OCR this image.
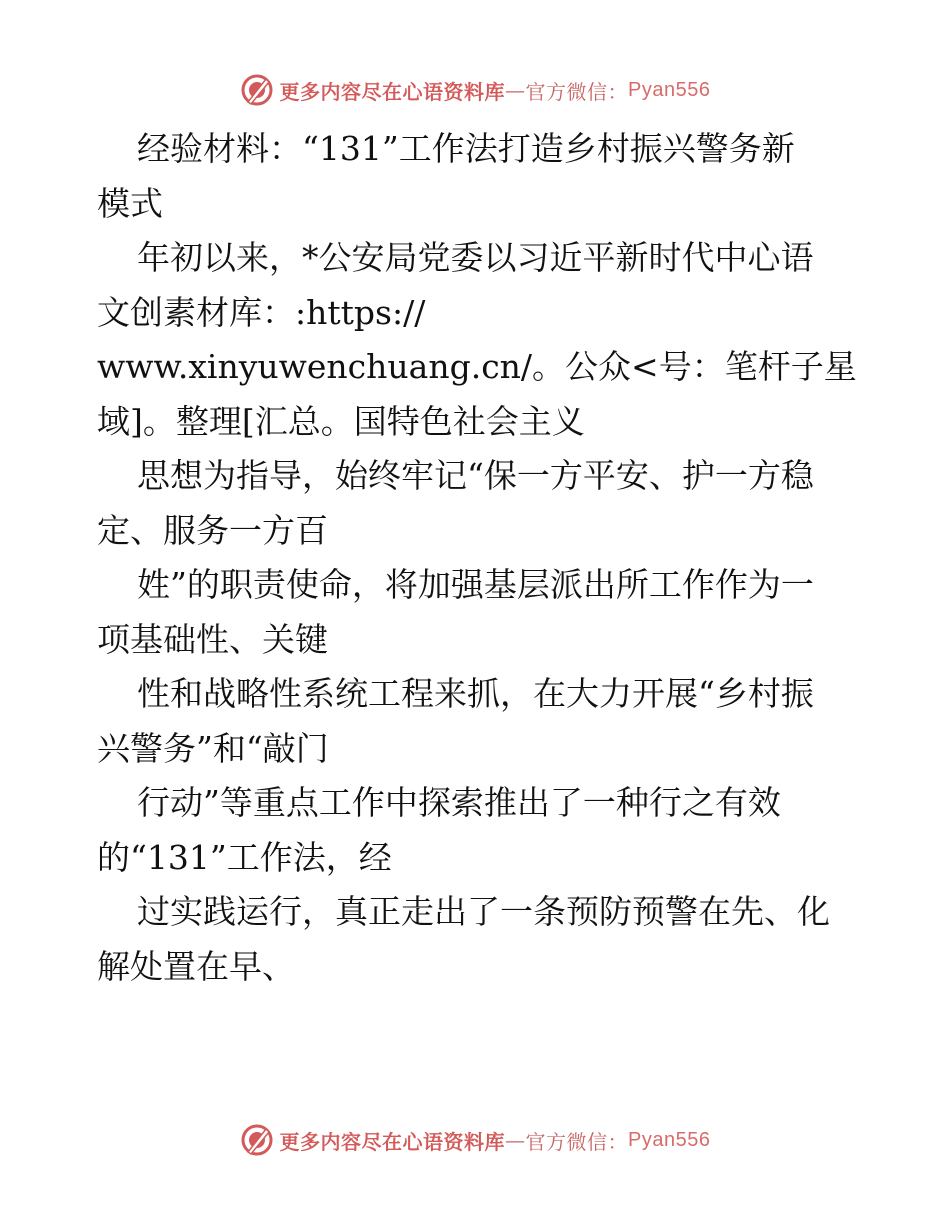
更多内容尽在心语资料库 — 官方微信： Pyan556
经验材料：“131”工作法打造乡村振兴警务新
模式
年初以来，*公安局党委以习近平新时代中心语
文创素材库：:https://
www.xinyuwenchuang.cn/。公众<号：笔杆子星
域]。整理[汇总。国特色社会主义
思想为指导，始终牢记“保一方平安、护一方稳
定、服务一方百
姓”的职责使命，将加强基层派出所工作作为一
项基础性、关键
性和战略性系统工程来抓，在大力开展“乡村振
兴警务”和“敲门
行动”等重点工作中探索推出了一种行之有效
的“131”工作法，经
过实践运行，真正走出了一条预防预警在先、化
解处置在早、
更多内容尽在心语资料库 — 官方微信： Pyan556
